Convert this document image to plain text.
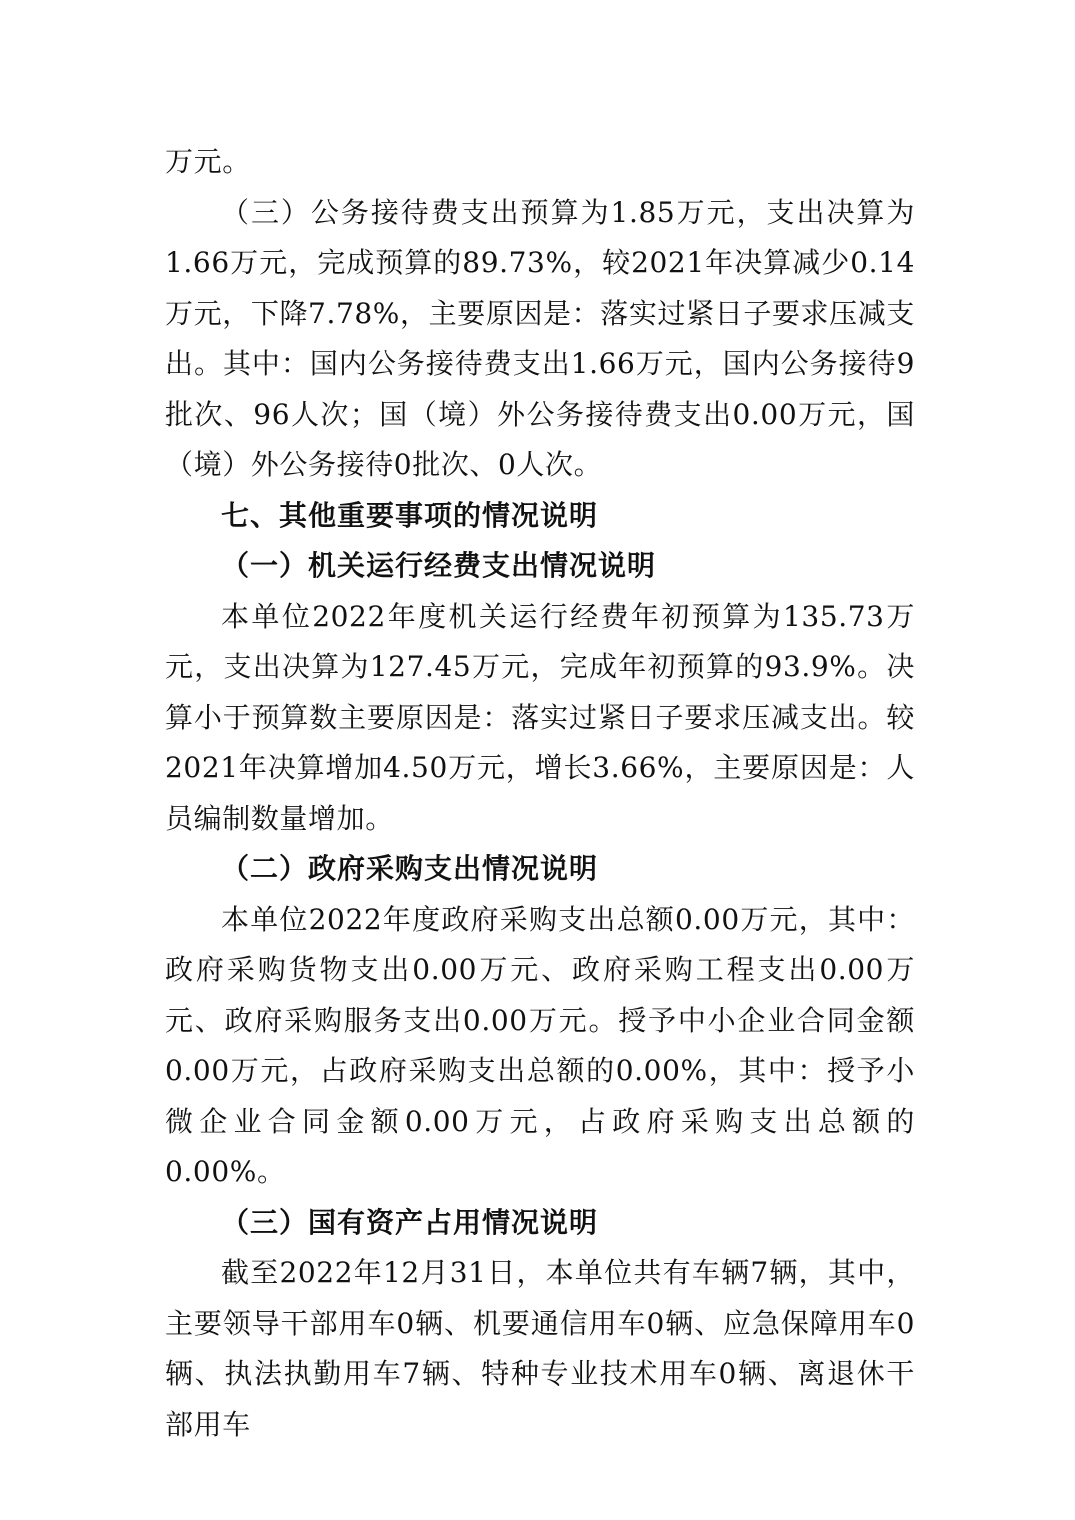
万元。

（三）公务接待费支出预算为1.85万元，支出决算为1.66万元，完成预算的89.73%，较2021年决算减少0.14万元，下降7.78%，主要原因是：落实过紧日子要求压减支出。其中：国内公务接待费支出1.66万元，国内公务接待9批次、96人次；国（境）外公务接待费支出0.00万元，国（境）外公务接待0批次、0人次。

七、其他重要事项的情况说明

（一）机关运行经费支出情况说明

本单位2022年度机关运行经费年初预算为135.73万元，支出决算为127.45万元，完成年初预算的93.9%。决算小于预算数主要原因是：落实过紧日子要求压减支出。较2021年决算增加4.50万元，增长3.66%，主要原因是：人员编制数量增加。

（二）政府采购支出情况说明

本单位2022年度政府采购支出总额0.00万元，其中：政府采购货物支出0.00万元、政府采购工程支出0.00万元、政府采购服务支出0.00万元。授予中小企业合同金额0.00万元，占政府采购支出总额的0.00%，其中：授予小微企业合同金额0.00万元，占政府采购支出总额的0.00%。

（三）国有资产占用情况说明

截至2022年12月31日，本单位共有车辆7辆，其中，主要领导干部用车0辆、机要通信用车0辆、应急保障用车0辆、执法执勤用车7辆、特种专业技术用车0辆、离退休干部用车
